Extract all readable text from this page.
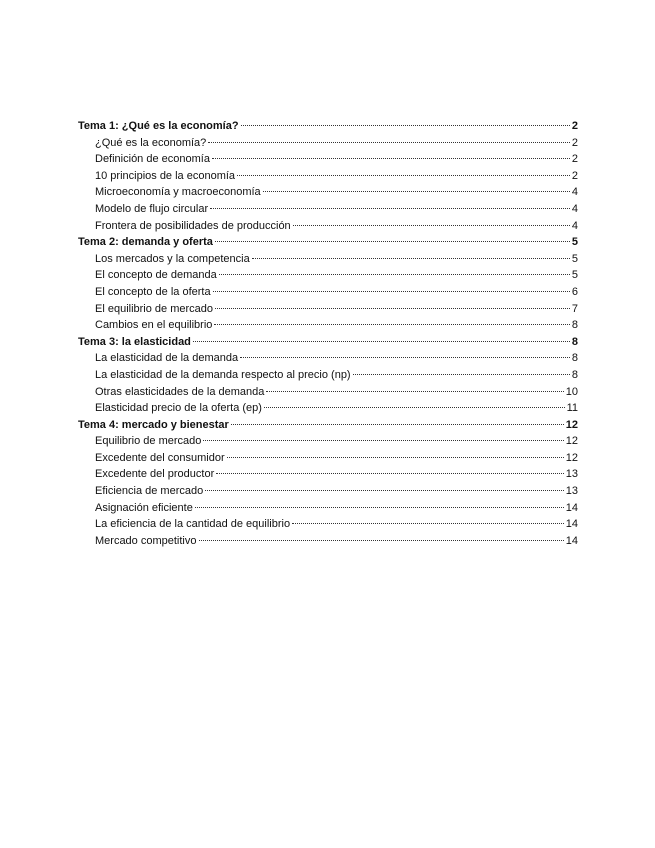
Tema 1: ¿Qué es la economía?	2
¿Qué es la economía?	2
Definición de economía	2
10 principios de la economía	2
Microeconomía y macroeconomía	4
Modelo de flujo circular	4
Frontera de posibilidades de producción	4
Tema 2: demanda y oferta	5
Los mercados y la competencia	5
El concepto de demanda	5
El concepto de la oferta	6
El equilibrio de mercado	7
Cambios en el equilibrio	8
Tema 3: la elasticidad	8
La elasticidad de la demanda	8
La elasticidad de la demanda respecto al precio (np)	8
Otras elasticidades de la demanda	10
Elasticidad precio de la oferta (ep)	11
Tema 4: mercado y bienestar	12
Equilibrio de mercado	12
Excedente del consumidor	12
Excedente del productor	13
Eficiencia de mercado	13
Asignación eficiente	14
La eficiencia de la cantidad de equilibrio	14
Mercado competitivo	14
